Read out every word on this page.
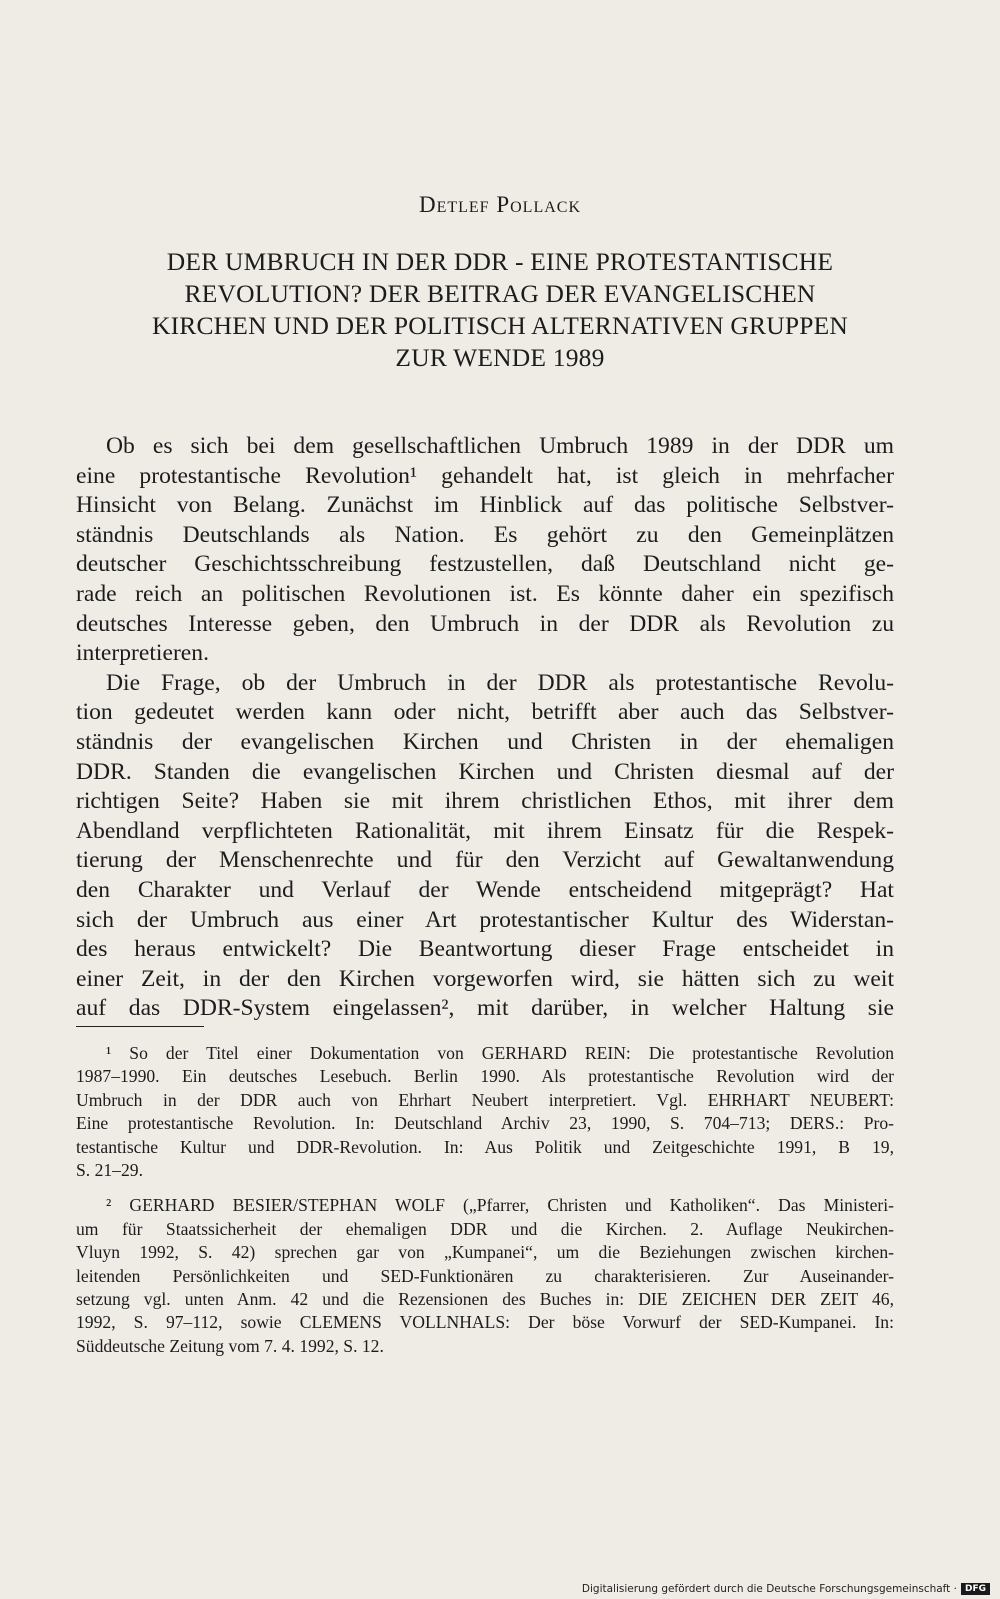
Detlef Pollack
DER UMBRUCH IN DER DDR - EINE PROTESTANTISCHE
REVOLUTION? DER BEITRAG DER EVANGELISCHEN
KIRCHEN UND DER POLITISCH ALTERNATIVEN GRUPPEN
ZUR WENDE 1989

Ob es sich bei dem gesellschaftlichen Umbruch 1989 in der DDR um
eine protestantische Revolution¹ gehandelt hat, ist gleich in mehrfacher
Hinsicht von Belang. Zunächst im Hinblick auf das politische Selbstver-
ständnis Deutschlands als Nation. Es gehört zu den Gemeinplätzen
deutscher Geschichtsschreibung festzustellen, daß Deutschland nicht ge-
rade reich an politischen Revolutionen ist. Es könnte daher ein spezifisch
deutsches Interesse geben, den Umbruch in der DDR als Revolution zu
interpretieren.

Die Frage, ob der Umbruch in der DDR als protestantische Revolu-
tion gedeutet werden kann oder nicht, betrifft aber auch das Selbstver-
ständnis der evangelischen Kirchen und Christen in der ehemaligen
DDR. Standen die evangelischen Kirchen und Christen diesmal auf der
richtigen Seite? Haben sie mit ihrem christlichen Ethos, mit ihrer dem
Abendland verpflichteten Rationalität, mit ihrem Einsatz für die Respek-
tierung der Menschenrechte und für den Verzicht auf Gewaltanwendung
den Charakter und Verlauf der Wende entscheidend mitgeprägt? Hat
sich der Umbruch aus einer Art protestantischer Kultur des Widerstan-
des heraus entwickelt? Die Beantwortung dieser Frage entscheidet in
einer Zeit, in der den Kirchen vorgeworfen wird, sie hätten sich zu weit
auf das DDR-System eingelassen², mit darüber, in welcher Haltung sie

¹ So der Titel einer Dokumentation von GERHARD REIN: Die protestantische Revolution
1987–1990. Ein deutsches Lesebuch. Berlin 1990. Als protestantische Revolution wird der
Umbruch in der DDR auch von Ehrhart Neubert interpretiert. Vgl. EHRHART NEUBERT:
Eine protestantische Revolution. In: Deutschland Archiv 23, 1990, S. 704–713; DERS.: Pro-
testantische Kultur und DDR-Revolution. In: Aus Politik und Zeitgeschichte 1991, B 19,
S. 21–29.
² GERHARD BESIER/STEPHAN WOLF („Pfarrer, Christen und Katholiken“. Das Ministeri-
um für Staatssicherheit der ehemaligen DDR und die Kirchen. 2. Auflage Neukirchen-
Vluyn 1992, S. 42) sprechen gar von „Kumpanei“, um die Beziehungen zwischen kirchen-
leitenden Persönlichkeiten und SED-Funktionären zu charakterisieren. Zur Auseinander-
setzung vgl. unten Anm. 42 und die Rezensionen des Buches in: DIE ZEICHEN DER ZEIT 46,
1992, S. 97–112, sowie CLEMENS VOLLNHALS: Der böse Vorwurf der SED-Kumpanei. In:
Süddeutsche Zeitung vom 7. 4. 1992, S. 12.
Digitalisierung gefördert durch die Deutsche Forschungsgemeinschaft · DFG
